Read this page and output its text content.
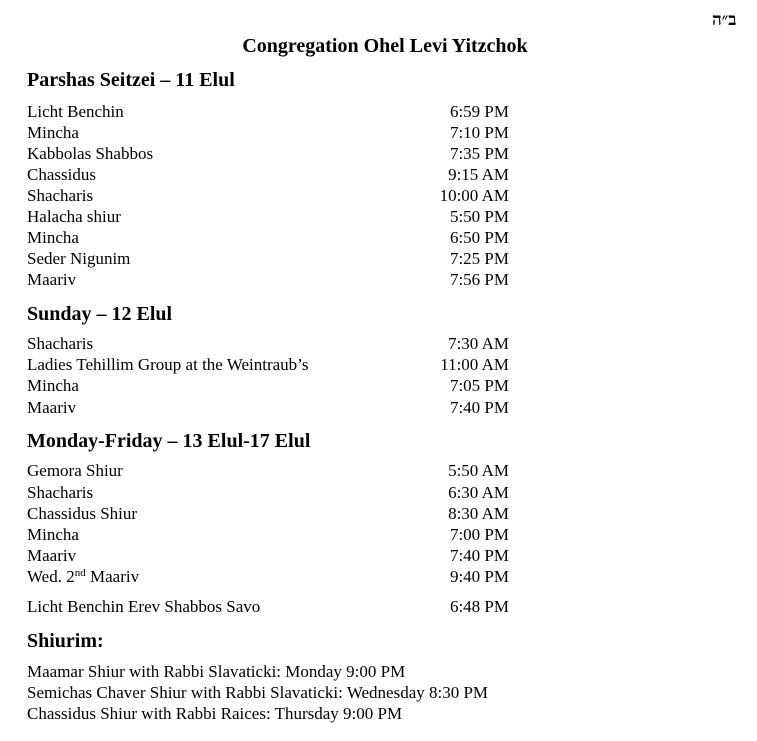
ב״ה
Congregation Ohel Levi Yitzchok
Parshas Seitzei – 11 Elul
Licht Benchin	6:59 PM
Mincha	7:10 PM
Kabbolas Shabbos	7:35 PM
Chassidus	9:15 AM
Shacharis	10:00 AM
Halacha shiur	5:50 PM
Mincha	6:50 PM
Seder Nigunim	7:25 PM
Maariv	7:56 PM
Sunday – 12 Elul
Shacharis	7:30 AM
Ladies Tehillim Group at the Weintraub’s	11:00 AM
Mincha	7:05 PM
Maariv	7:40 PM
Monday-Friday – 13 Elul-17 Elul
Gemora Shiur	5:50 AM
Shacharis	6:30 AM
Chassidus Shiur	8:30 AM
Mincha	7:00 PM
Maariv	7:40 PM
Wed. 2nd Maariv	9:40 PM
Licht Benchin Erev Shabbos Savo	6:48 PM
Shiurim:
Maamar Shiur with Rabbi Slavaticki: Monday 9:00 PM
Semichas Chaver Shiur with Rabbi Slavaticki: Wednesday 8:30 PM
Chassidus Shiur with Rabbi Raices: Thursday 9:00 PM
